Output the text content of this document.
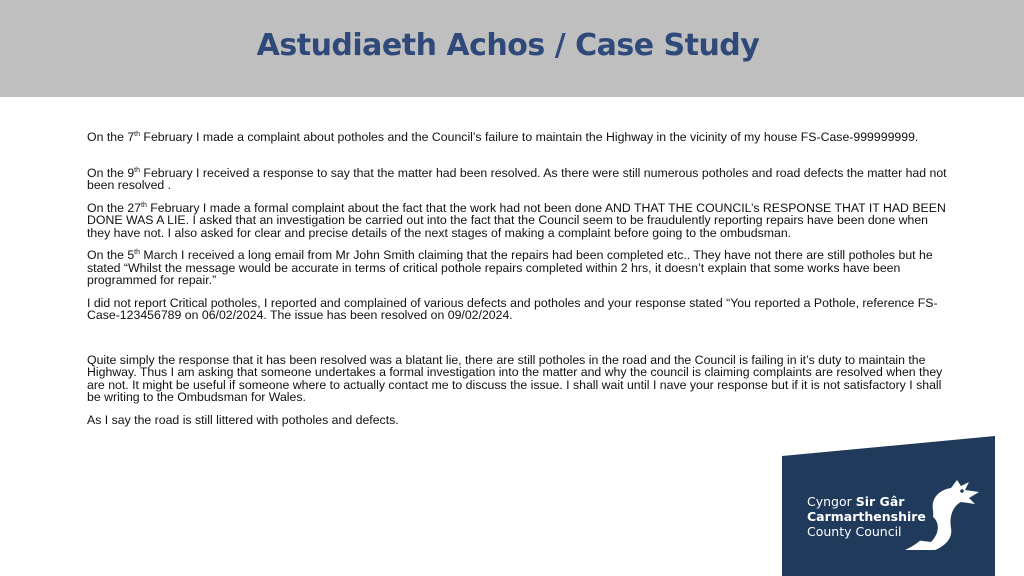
Astudiaeth Achos / Case Study

On the 7th February I made a complaint about potholes and the Council’s failure to maintain the Highway in the vicinity of my house FS-Case-999999999.

On the 9th February I received a response to say that the matter had been resolved. As there were still numerous potholes and road defects the matter had not been resolved .

On the 27th February I made a formal complaint about the fact that the work had not been done AND THAT THE COUNCIL’s RESPONSE THAT IT HAD BEEN DONE WAS A LIE. I asked that an investigation be carried out into the fact that the Council seem to be fraudulently reporting repairs have been done when they have not. I also asked for clear and precise details of the next stages of making a complaint before going to the ombudsman.

On the 5th March I received a long email from Mr John Smith claiming that the repairs had been completed etc.. They have not there are still potholes but he stated “Whilst the message would be accurate in terms of critical pothole repairs completed within 2 hrs, it doesn’t explain that some works have been programmed for repair.”

I did not report Critical potholes, I reported and complained of various defects and potholes and your response stated “You reported a Pothole, reference FS-Case-123456789 on 06/02/2024. The issue has been resolved on 09/02/2024.

Quite simply the response that it has been resolved was a blatant lie, there are still potholes in the road and the Council is failing in it’s duty to maintain the Highway. Thus I am asking that someone undertakes a formal investigation into the matter and why the council is claiming complaints are resolved when they are not. It might be useful if someone where to actually contact me to discuss the issue. I shall wait until I nave your response but if it is not satisfactory I shall be writing to the Ombudsman for Wales.

As I say the road is still littered with potholes and defects.

Cyngor Sir Gâr
Carmarthenshire
County Council
